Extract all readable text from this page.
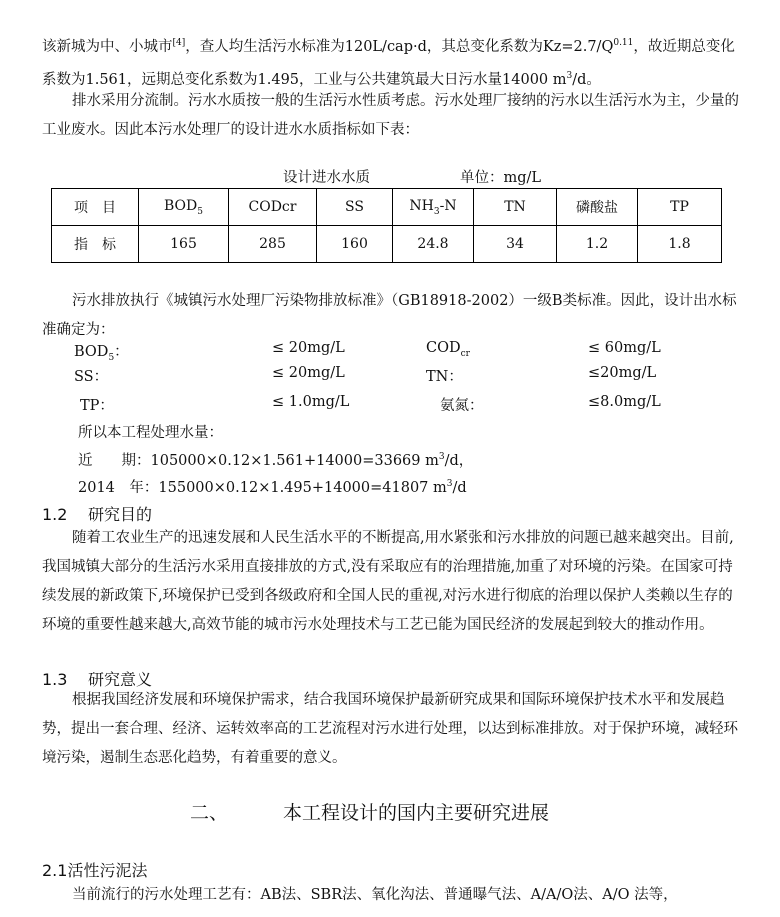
该新城为中、小城市[4]，查人均生活污水标准为120L/cap·d，其总变化系数为$Kz=2.7/Q^{0.11}$，故近期总变化系数为1.561，远期总变化系数为1.495，工业与公共建筑最大日污水量14000 $m^3/d$。

排水采用分流制。污水水质按一般的生活污水性质考虑。污水处理厂接纳的污水以生活污水为主，少量的工业废水。因此本污水处理厂的设计进水水质指标如下表：

设计进水水质	单位：mg/L
项　目	$BOD_5$	CODcr	SS	$NH_3-N$	TN	磷酸盐	TP
指　标	165	285	160	24.8	34	1.2	1.8

污水排放执行《城镇污水处理厂污染物排放标准》（GB18918-2002）一级B类标准。因此，设计出水标准确定为：

$BOD_5$：	≤ 20mg/L	$COD_{cr}$	≤ 60mg/L
SS：	≤ 20mg/L	TN：	≤20mg/L
TP：	≤ 1.0mg/L	氨氮：	≤8.0mg/L
所以本工程处理水量：
近　　期：105000×0.12×1.561+14000=33669 $m^3/d$，
2014　年：155000×0.12×1.495+14000=41807 $m^3/d$
1.2 研究目的

随着工农业生产的迅速发展和人民生活水平的不断提高,用水紧张和污水排放的问题已越来越突出。目前,我国城镇大部分的生活污水采用直接排放的方式,没有采取应有的治理措施,加重了对环境的污染。在国家可持续发展的新政策下,环境保护已受到各级政府和全国人民的重视,对污水进行彻底的治理以保护人类赖以生存的环境的重要性越来越大,高效节能的城市污水处理技术与工艺已能为国民经济的发展起到较大的推动作用。

1.3 研究意义

根据我国经济发展和环境保护需求，结合我国环境保护最新研究成果和国际环境保护技术水平和发展趋势，提出一套合理、经济、运转效率高的工艺流程对污水进行处理，以达到标准排放。对于保护环境，减轻环境污染，遏制生态恶化趋势，有着重要的意义。

二、	本工程设计的国内主要研究进展
2.1活性污泥法

当前流行的污水处理工艺有：AB法、SBR法、氧化沟法、普通曝气法、A/A/O法、A/O 法等，
